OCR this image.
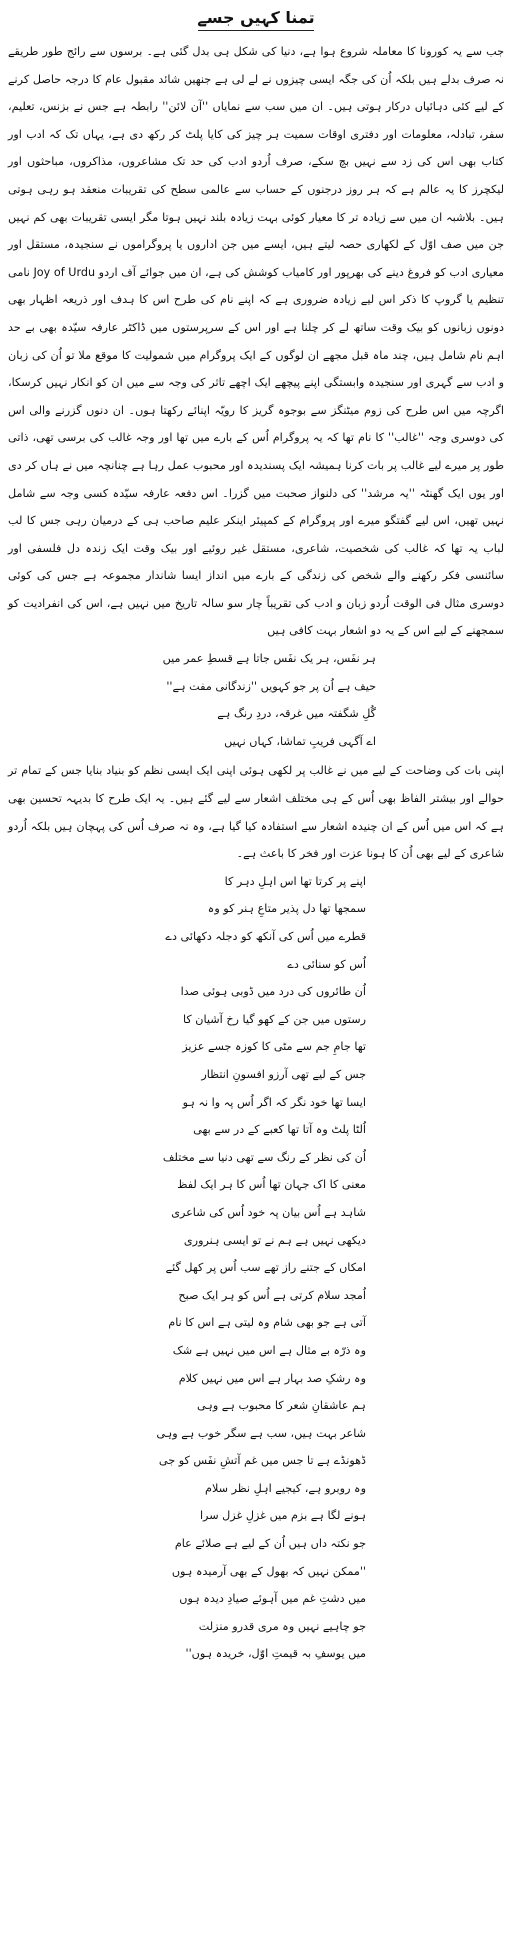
تمنا کہیں جسے

جب سے یہ کورونا کا معاملہ شروع ہوا ہے، دنیا کی شکل ہی بدل گئی ہے۔ برسوں سے رائج طور طریقے نہ صرف بدلے ہیں بلکہ اُن کی جگہ ایسی چیزوں نے لے لی ہے جنھیں شائد مقبول عام کا درجہ حاصل کرنے کے لیے کئی دہائیاں درکار ہوتی ہیں۔ ان میں سب سے نمایاں ''آن لائن'' رابطہ ہے جس نے بزنس، تعلیم، سفر، تبادلہ، معلومات اور دفتری اوقات سمیت ہر چیز کی کایا پلٹ کر رکھ دی ہے، یہاں تک کہ ادب اور کتاب بھی اس کی زد سے نہیں بچ سکے، صرف اُردو ادب کی حد تک مشاعروں، مذاکروں، مباحثوں اور لیکچرز کا یہ عالم ہے کہ ہر روز درجنوں کے حساب سے عالمی سطح کی تقریبات منعقد ہو رہی ہوتی ہیں۔ بلاشبہ ان میں سے زیادہ تر کا معیار کوئی بہت زیادہ بلند نہیں ہوتا مگر ایسی تقریبات بھی کم نہیں جن میں صف اوّل کے لکھاری حصہ لیتے ہیں، ایسے میں جن اداروں یا پروگراموں نے سنجیدہ، مستقل اور معیاری ادب کو فروغ دینے کی بھرپور اور کامیاب کوشش کی ہے، ان میں جوائے آف اردو Joy of Urdu نامی تنظیم یا گروپ کا ذکر اس لیے زیادہ ضروری ہے کہ اپنے نام کی طرح اس کا ہدف اور ذریعہ اظہار بھی دونوں زبانوں کو بیک وقت ساتھ لے کر چلنا ہے اور اس کے سرپرستوں میں ڈاکٹر عارفہ سیّدہ بھی بے حد اہم نام شامل ہیں، چند ماہ قبل مجھے ان لوگوں کے ایک پروگرام میں شمولیت کا موقع ملا تو اُن کی زبان و ادب سے گہری اور سنجیدہ وابستگی اپنے پیچھے ایک اچھے تاثر کی وجہ سے میں ان کو انکار نہیں کرسکا، اگرچہ میں اس طرح کی زوم میٹنگز سے بوجوہ گریز کا رویّہ اپنائے رکھتا ہوں۔ ان دنوں گزرنے والی اس کی دوسری وجہ ''غالب'' کا نام تھا کہ یہ پروگرام اُس کے بارے میں تھا اور وجہ غالب کی برسی تھی، ذاتی طور پر میرے لیے غالب پر بات کرنا ہمیشہ ایک پسندیدہ اور محبوب عمل رہا ہے چنانچہ میں نے ہاں کر دی اور یوں ایک گھنٹہ ''یہ مرشد'' کی دلنواز صحبت میں گزرا۔ اس دفعہ عارفہ سیّدہ کسی وجہ سے شامل نہیں تھیں، اس لیے گفتگو میرے اور پروگرام کے کمپیئر اینکر علیم صاحب ہی کے درمیان رہی جس کا لب لباب یہ تھا کہ غالب کی شخصیت، شاعری، مستقل غیر روئیے اور بیک وقت ایک زندہ دل فلسفی اور سائنسی فکر رکھنے والے شخص کی زندگی کے بارے میں انداز ایسا شاندار مجموعہ ہے جس کی کوئی دوسری مثال فی الوقت اُردو زبان و ادب کی تقریباً چار سو سالہ تاریخ میں نہیں ہے، اس کی انفرادیت کو سمجھنے کے لیے اس کے یہ دو اشعار بہت کافی ہیں

ہر نفَس، ہر یک نفَس جاتا ہے قسطِ عمر میں
حیف ہے اُن پر جو کہویں ''زندگانی مفت ہے''
گُلِ شگفتہ میں غرقہ، دردِ رنگ ہے
اے آگہی فریبِ تماشا، کہاں نہیں

اپنی بات کی وضاحت کے لیے میں نے غالب پر لکھی ہوئی اپنی ایک ایسی نظم کو بنیاد بنایا جس کے تمام تر حوالے اور بیشتر الفاظ بھی اُس کے ہی مختلف اشعار سے لیے گئے ہیں۔ یہ ایک طرح کا بدیہہ تحسین بھی ہے کہ اس میں اُس کے ان چنیدہ اشعار سے استفادہ کیا گیا ہے، وہ نہ صرف اُس کی پہچان ہیں بلکہ اُردو شاعری کے لیے بھی اُن کا ہونا عزت اور فخر کا باعث ہے۔

اپنے پر کرتا تھا اس اہلِ دہر کا
سمجھا تھا دل پذیر متاعِ ہنر کو وہ
قطرے میں اُس کی آنکھ کو دجلہ دکھائی دے
اُس کو سنائی دے
اُن طائروں کی درد میں ڈوبی ہوئی صدا
رستوں میں جن کے کھو گیا رخ آشیان کا
تھا جامِ جم سے مٹی کا کوزہ جسے عزیز
جس کے لیے تھی آرزو افسونِ انتظار
ایسا تھا خود نگر کہ اگر اُس پہ وا نہ ہو
اُلٹا پلٹ وہ آتا تھا کعبے کے در سے بھی
اُن کی نظر کے رنگ سے تھی دنیا سے مختلف
معنی کا اک جہان تھا اُس کا ہر ایک لفظ
شاہد ہے اُس بیان پہ خود اُس کی شاعری
دیکھی نہیں ہے ہم نے تو ایسی ہنروری
امکاں کے جتنے راز تھے سب اُس پر کھل گئے
اُمجد سلام کرتی ہے اُس کو ہر ایک صبح
آتی ہے جو بھی شام وہ لیتی ہے اس کا نام
وہ ذرّہ بے مثال ہے اس میں نہیں ہے شک
وہ رشکِ صد بہار ہے اس میں نہیں کلام
ہم عاشقانِ شعر کا محبوب ہے وہی
شاعر بہت ہیں، سب ہے سگر خوب ہے وہی
ڈھونڈے ہے تا جس میں غم آتشِ نفَس کو جی
وہ روبرو ہے، کیجیے اہلِ نظر سلام
ہونے لگا ہے بزم میں غزلِ غزل سرا
جو نکتہ داں ہیں اُن کے لیے ہے صلائے عام
''ممکن نہیں کہ بھول کے بھی آرمیدہ ہوں
میں دشتِ غم میں آہوئے صیادِ دیدہ ہوں
جو چاہیے نہیں وہ مری قدرو منزلت
میں یوسفِ بہ قیمتِ اوّل، خریدہ ہوں''
